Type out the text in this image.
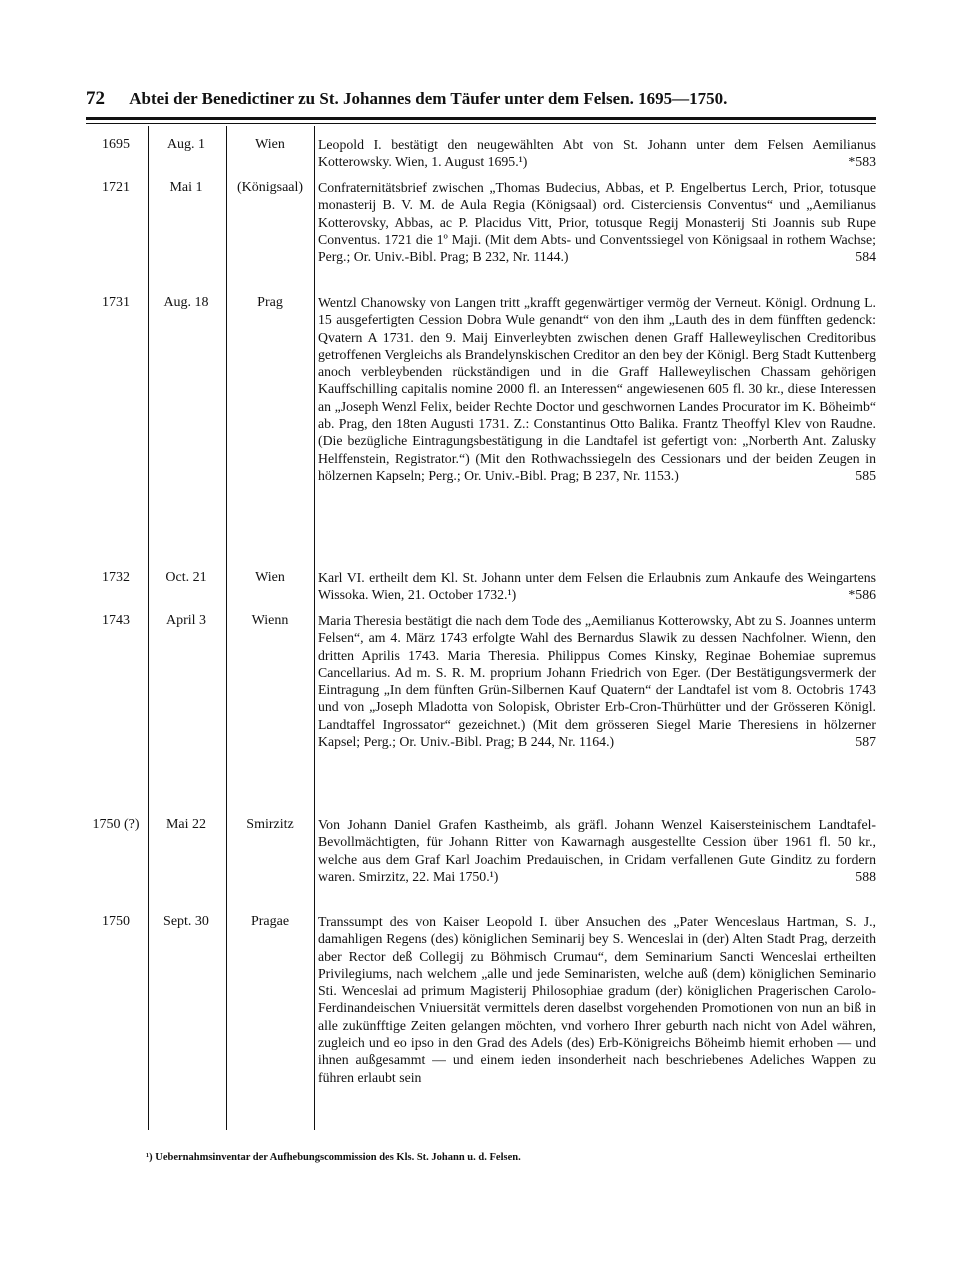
72 Abtei der Benedictiner zu St. Johannes dem Täufer unter dem Felsen. 1695—1750.
1695	Aug. 1	Wien	Leopold I. bestätigt den neugewählten Abt von St. Johann unter dem Felsen Aemilianus Kotterowsky. Wien, 1. August 1695.¹)	*583
1721	Mai 1	(Königsaal)	Confraternitätsbrief zwischen „Thomas Budecius, Abbas, et P. Engelbertus Lerch, Prior, totusque monasterij B. V. M. de Aula Regia (Königsaal) ord. Cisterciensis Conventus“ und „Aemilianus Kotterovsky, Abbas, ac P. Placidus Vitt, Prior, totusque Regij Monasterij Sti Joannis sub Rupe Conventus. 1721 die 1º Maji. (Mit dem Abts- und Conventssiegel von Königsaal in rothem Wachse; Perg.; Or. Univ.-Bibl. Prag; B 232, Nr. 1144.)	584
1731	Aug. 18	Prag	Wentzl Chanowsky von Langen tritt „krafft gegenwärtiger vermög der Verneut. Königl. Ordnung L. 15 ausgefertigten Cession Dobra Wule genandt“ von den ihm „Lauth des in dem fünfften gedenck: Qvatern A 1731. den 9. Maij Einverleybten zwischen denen Graff Halleweylischen Creditoribus getroffenen Vergleichs als Brandelynskischen Creditor an den bey der Königl. Berg Stadt Kuttenberg anoch verbleybenden rückständigen und in die Graff Halleweylischen Chassam gehörigen Kauffschilling capitalis nomine 2000 fl. an Interessen“ angewiesenen 605 fl. 30 kr., diese Interessen an „Joseph Wenzl Felix, beider Rechte Doctor und geschwornen Landes Procurator im K. Böheimb“ ab. Prag, den 18ten Augusti 1731. Z.: Constantinus Otto Balika. Frantz Theoffyl Klev von Raudne. (Die bezügliche Eintragungsbestätigung in die Landtafel ist gefertigt von: „Norberth Ant. Zalusky Helffenstein, Registrator.“) (Mit den Rothwachssiegeln des Cessionars und der beiden Zeugen in hölzernen Kapseln; Perg.; Or. Univ.-Bibl. Prag; B 237, Nr. 1153.)	585
1732	Oct. 21	Wien	Karl VI. ertheilt dem Kl. St. Johann unter dem Felsen die Erlaubnis zum Ankaufe des Weingartens Wissoka. Wien, 21. October 1732.¹)	*586
1743	April 3	Wienn	Maria Theresia bestätigt die nach dem Tode des „Aemilianus Kotterowsky, Abt zu S. Joannes unterm Felsen“, am 4. März 1743 erfolgte Wahl des Bernardus Slawik zu dessen Nachfolner. Wienn, den dritten Aprilis 1743. Maria Theresia. Philippus Comes Kinsky, Reginae Bohemiae supremus Cancellarius. Ad m. S. R. M. proprium Johann Friedrich von Eger. (Der Bestätigungsvermerk der Eintragung „In dem fünften Grün-Silbernen Kauf Quatern“ der Landtafel ist vom 8. Octobris 1743 und von „Joseph Mladotta von Solopisk, Obrister Erb-Cron-Thürhütter und der Grösseren Königl. Landtaffel Ingrossator“ gezeichnet.) (Mit dem grösseren Siegel Marie Theresiens in hölzerner Kapsel; Perg.; Or. Univ.-Bibl. Prag; B 244, Nr. 1164.)	587
1750 (?)	Mai 22	Smirzitz	Von Johann Daniel Grafen Kastheimb, als gräfl. Johann Wenzel Kaisersteinischem Landtafel-Bevollmächtigten, für Johann Ritter von Kawarnagh ausgestellte Cession über 1961 fl. 50 kr., welche aus dem Graf Karl Joachim Predauischen, in Cridam verfallenen Gute Ginditz zu fordern waren. Smirzitz, 22. Mai 1750.¹)	588
1750	Sept. 30	Pragae	Transsumpt des von Kaiser Leopold I. über Ansuchen des „Pater Wenceslaus Hartman, S. J., damahligen Regens (des) königlichen Seminarij bey S. Wenceslai in (der) Alten Stadt Prag, derzeith aber Rector deß Collegij zu Böhmisch Crumau“, dem Seminarium Sancti Wenceslai ertheilten Privilegiums, nach welchem „alle und jede Seminaristen, welche auß (dem) königlichen Seminario Sti. Wenceslai ad primum Magisterij Philosophiae gradum (der) königlichen Pragerischen Carolo-Ferdinandeischen Vniuersität vermittels deren daselbst vorgehenden Promotionen von nun an biß in alle zukünfftige Zeiten gelangen möchten, vnd vorhero Ihrer geburth nach nicht von Adel währen, zugleich und eo ipso in den Grad des Adels (des) Erb-Königreichs Böheimb hiemit erhoben — und ihnen außgesammt — und einem ieden insonderheit nach beschriebenes Adeliches Wappen zu führen erlaubt sein
¹) Uebernahmsinventar der Aufhebungscommission des Kls. St. Johann u. d. Felsen.
